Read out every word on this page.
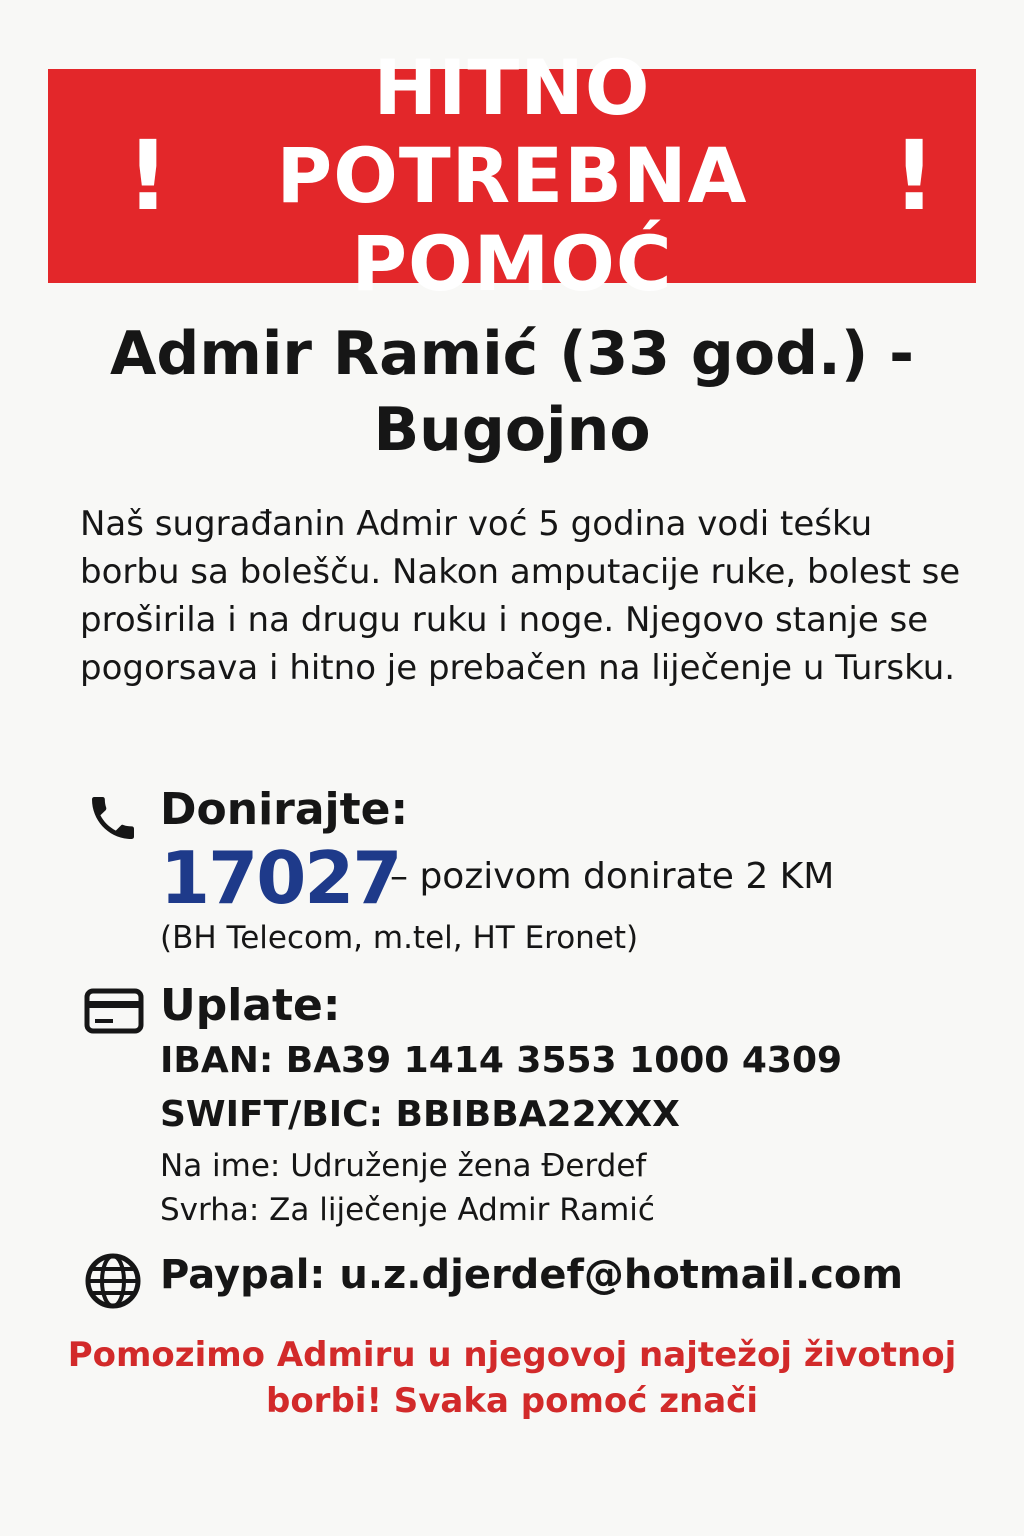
!
HITNO POTREBNA POMOĆ
!
Admir Ramić (33 god.) - Bugojno
Naš sugrađanin Admir voć 5 godina vodi teśku borbu sa bolešču. Nakon amputacije ruke, bolest se proširila i na drugu ruku i noge. Njegovo stanje se pogorsava i hitno je prebačen na liječenje u Tursku.
Donirajte:
17027
– pozivom donirate 2 KM
(BH Telecom, m.tel, HT Eronet)
Uplate:
IBAN: BA39 1414 3553 1000 4309
SWIFT/BIC: BBIBBA22XXX
Na ime: Udruženje žena Đerdef
Svrha: Za liječenje Admir Ramić
Paypal: u.z.djerdef@hotmail.com
Pomozimo Admiru u njegovoj najtežoj životnoj borbi! Svaka pomoć znači
